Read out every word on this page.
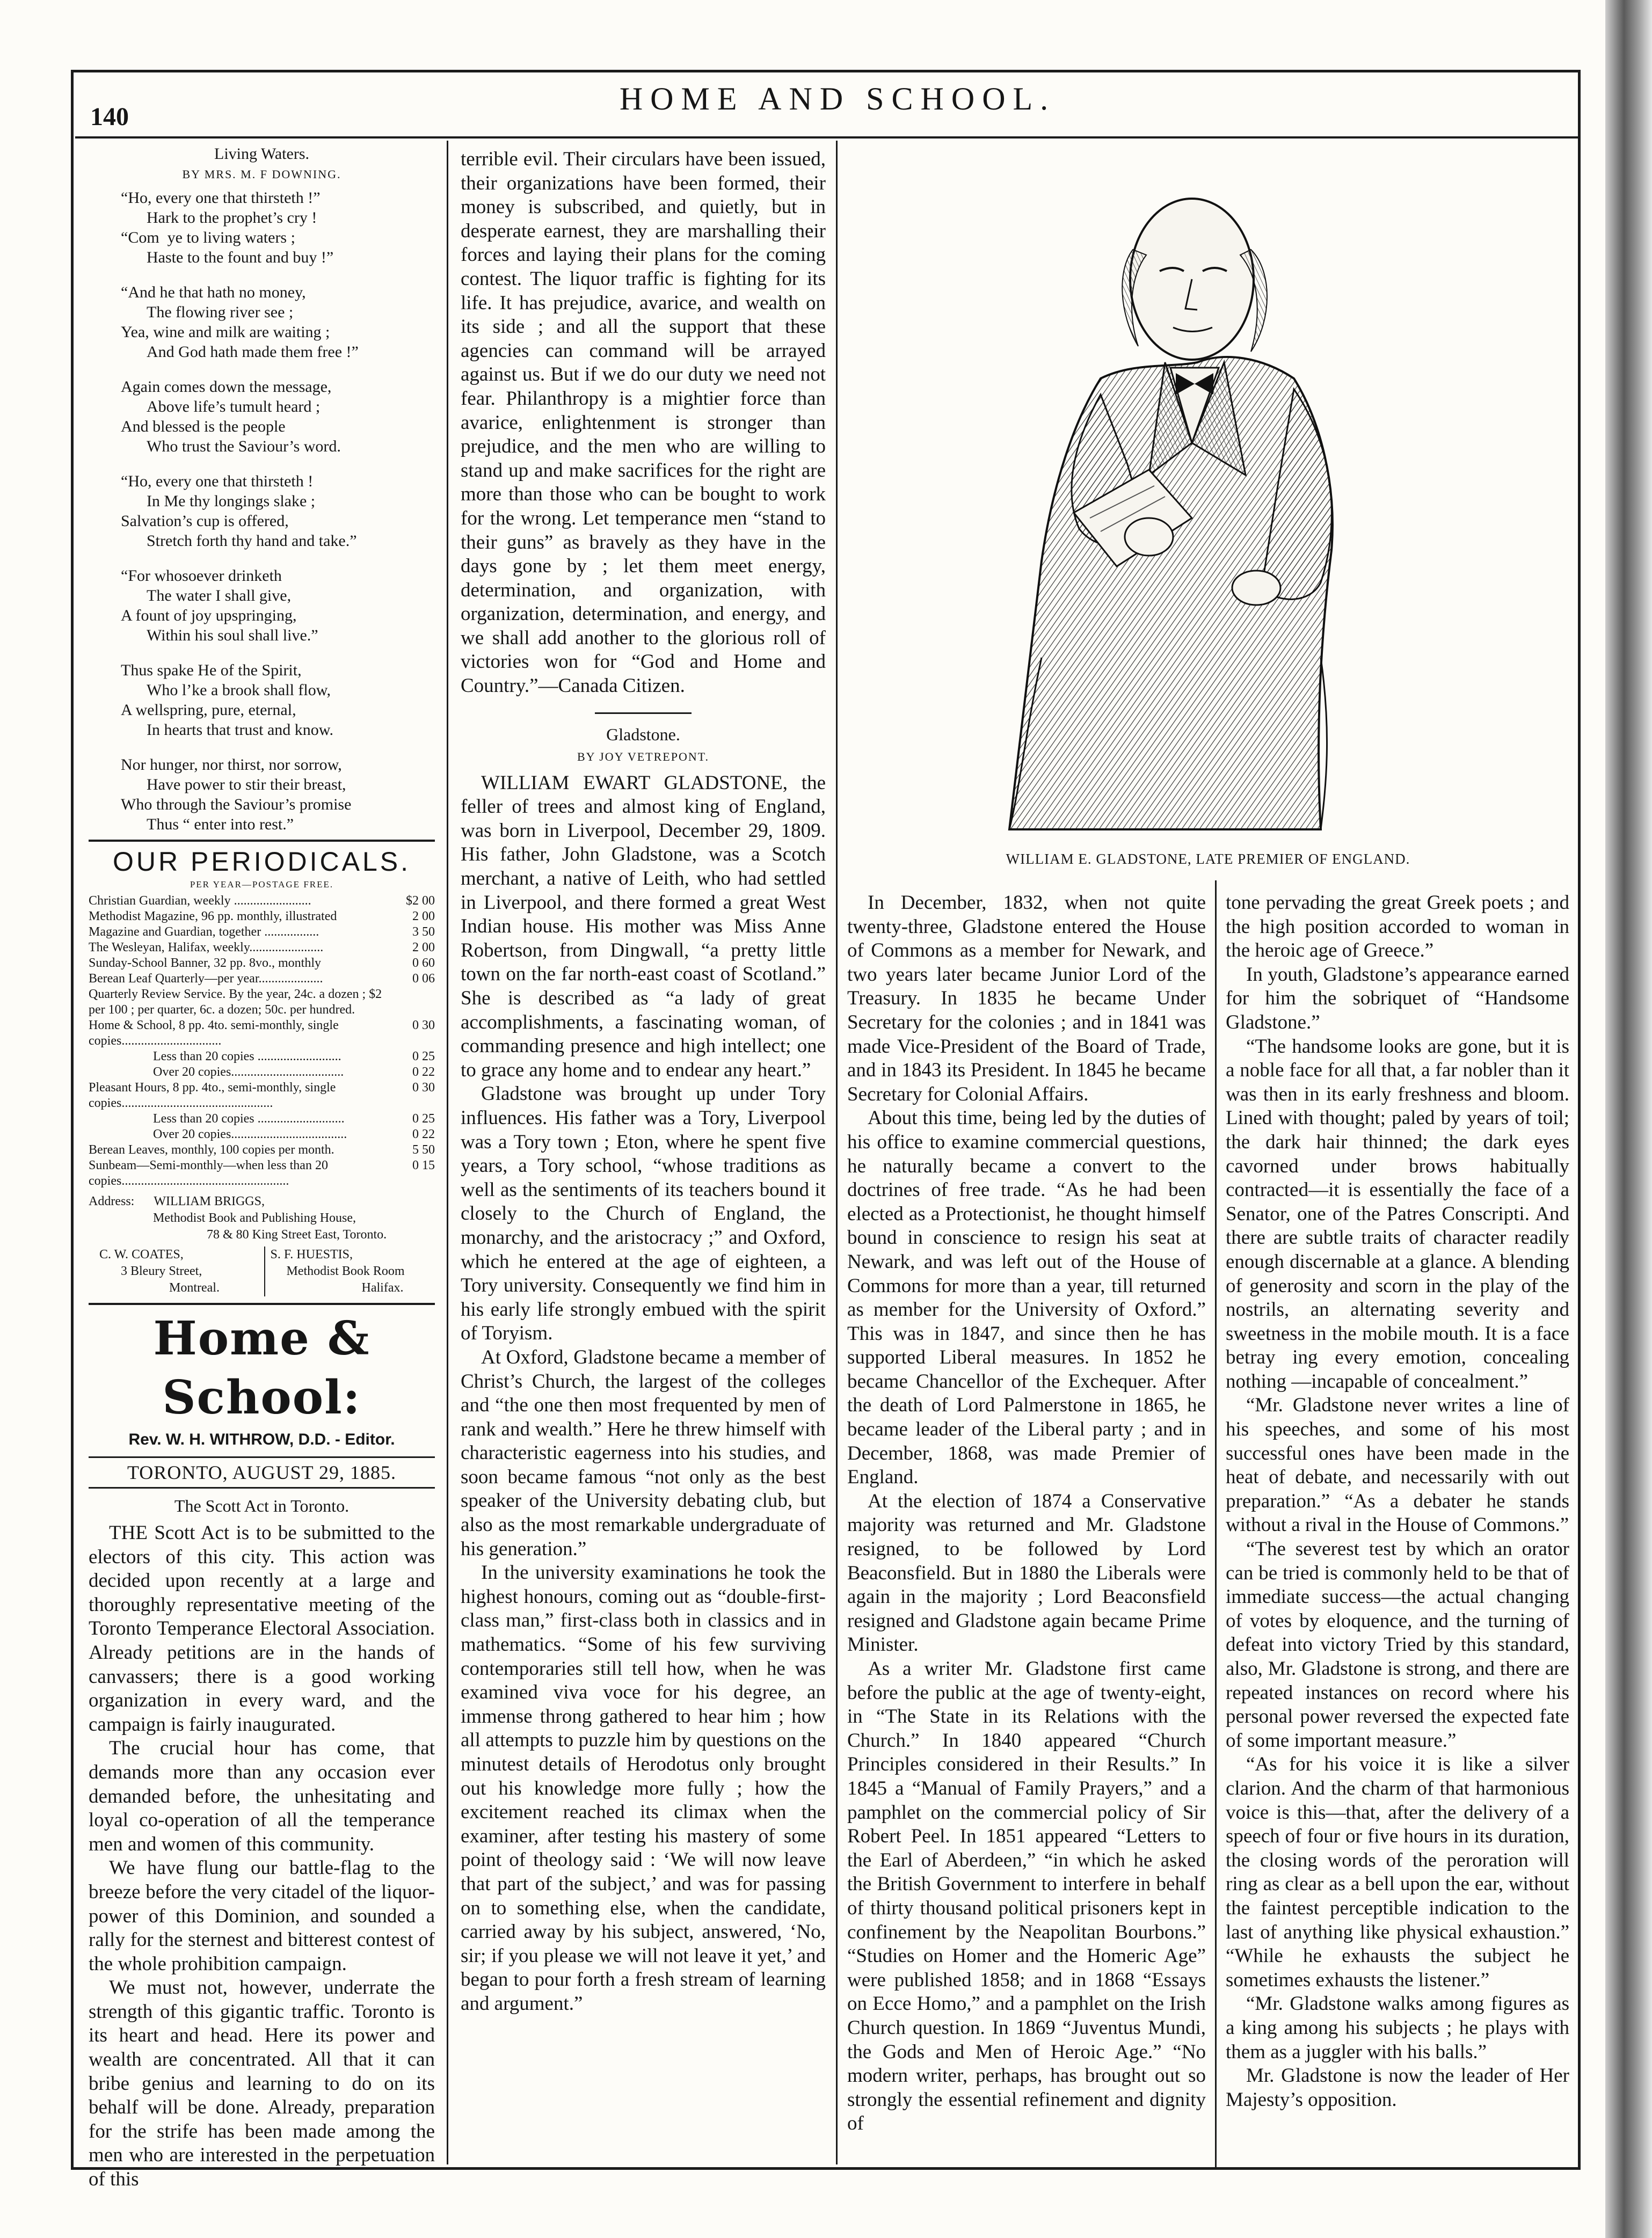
140
HOME AND SCHOOL.

Living Waters.

BY MRS. M. F DOWNING.

“Ho, every one that thirsteth !”
Hark to the prophet’s cry !
“Com  ye to living waters ;
Haste to the fount and buy !”
“And he that hath no money,
The flowing river see ;
Yea, wine and milk are waiting ;
And God hath made them free !”
Again comes down the message,
Above life’s tumult heard ;
And blessed is the people
Who trust the Saviour’s word.
“Ho, every one that thirsteth !
In Me thy longings slake ;
Salvation’s cup is offered,
Stretch forth thy hand and take.”
“For whosoever drinketh
The water I shall give,
A fount of joy upspringing,
Within his soul shall live.”
Thus spake He of the Spirit,
Who l’ke a brook shall flow,
A wellspring, pure, eternal,
In hearts that trust and know.
Nor hunger, nor thirst, nor sorrow,
Have power to stir their breast,
Who through the Saviour’s promise
Thus “ enter into rest.”

OUR PERIODICALS.

PER YEAR—POSTAGE FREE.

Christian Guardian, weekly ........................	$2 00
Methodist Magazine, 96 pp. monthly, illustrated	2 00
Magazine and Guardian, together .................	3 50
The Wesleyan, Halifax, weekly.......................	2 00
Sunday-School Banner, 32 pp. 8vo., monthly	0 60
Berean Leaf Quarterly—per year....................	0 06
Quarterly Review Service. By the year, 24c. a dozen ; $2 per 100 ; per quarter, 6c. a dozen; 50c. per hundred.	
Home & School, 8 pp. 4to. semi-monthly, single copies...............................	0 30
Less than 20 copies ..........................	0 25
Over 20 copies...................................	0 22
Pleasant Hours, 8 pp. 4to., semi-monthly, single copies...............................................	0 30
Less than 20 copies ...........................	0 25
Over 20 copies....................................	0 22
Berean Leaves, monthly, 100 copies per month.	5 50
Sunbeam—Semi-monthly—when less than 20 copies....................................................	0 15
Address: WILLIAM BRIGGS,
Methodist Book and Publishing House,
78 & 80 King Street East, Toronto.
C. W. COATES,
3 Bleury Street,
Montreal.
S. F. HUESTIS,
Methodist Book Room
Halifax.
Home & School:
Rev. W. H. WITHROW, D.D. - Editor.
TORONTO, AUGUST 29, 1885.

The Scott Act in Toronto.

THE Scott Act is to be submitted to the electors of this city. This action was decided upon recently at a large and thoroughly representative meeting of the Toronto Temperance Electoral Association. Already petitions are in the hands of canvassers; there is a good working organization in every ward, and the campaign is fairly inaugurated.

The crucial hour has come, that demands more than any occasion ever demanded before, the unhesitating and loyal co-operation of all the temperance men and women of this community.

We have flung our battle-flag to the breeze before the very citadel of the liquor-power of this Dominion, and sounded a rally for the sternest and bitterest contest of the whole prohibition campaign.

We must not, however, underrate the strength of this gigantic traffic. Toronto is its heart and head. Here its power and wealth are concentrated. All that it can bribe genius and learning to do on its behalf will be done. Already, preparation for the strife has been made among the men who are interested in the perpetuation of this

terrible evil. Their circulars have been issued, their organizations have been formed, their money is subscribed, and quietly, but in desperate earnest, they are marshalling their forces and laying their plans for the coming contest. The liquor traffic is fighting for its life. It has prejudice, avarice, and wealth on its side ; and all the support that these agencies can command will be arrayed against us. But if we do our duty we need not fear. Philanthropy is a mightier force than avarice, enlightenment is stronger than prejudice, and the men who are willing to stand up and make sacrifices for the right are more than those who can be bought to work for the wrong. Let temperance men “stand to their guns” as bravely as they have in the days gone by ; let them meet energy, determination, and organization, with organization, determination, and energy, and we shall add another to the glorious roll of victories won for “God and Home and Country.”—Canada Citizen.

Gladstone.

BY JOY VETREPONT.

WILLIAM EWART GLADSTONE, the feller of trees and almost king of England, was born in Liverpool, December 29, 1809. His father, John Gladstone, was a Scotch merchant, a native of Leith, who had settled in Liverpool, and there formed a great West Indian house. His mother was Miss Anne Robertson, from Dingwall, “a pretty little town on the far north-east coast of Scotland.” She is described as “a lady of great accomplishments, a fascinating woman, of commanding presence and high intellect; one to grace any home and to endear any heart.”

Gladstone was brought up under Tory influences. His father was a Tory, Liverpool was a Tory town ; Eton, where he spent five years, a Tory school, “whose traditions as well as the sentiments of its teachers bound it closely to the Church of England, the monarchy, and the aristocracy ;” and Oxford, which he entered at the age of eighteen, a Tory university. Consequently we find him in his early life strongly embued with the spirit of Toryism.

At Oxford, Gladstone became a member of Christ’s Church, the largest of the colleges and “the one then most frequented by men of rank and wealth.” Here he threw himself with characteristic eagerness into his studies, and soon became famous “not only as the best speaker of the University debating club, but also as the most remarkable undergraduate of his generation.”

In the university examinations he took the highest honours, coming out as “double-first-class man,” first-class both in classics and in mathematics. “Some of his few surviving contemporaries still tell how, when he was examined viva voce for his degree, an immense throng gathered to hear him ; how all attempts to puzzle him by questions on the minutest details of Herodotus only brought out his knowledge more fully ; how the excitement reached its climax when the examiner, after testing his mastery of some point of theology said : ‘We will now leave that part of the subject,’ and was for passing on to something else, when the candidate, carried away by his subject, answered, ‘No, sir; if you please we will not leave it yet,’ and began to pour forth a fresh stream of learning and argument.”

WILLIAM E. GLADSTONE, LATE PREMIER OF ENGLAND.

In December, 1832, when not quite twenty-three, Gladstone entered the House of Commons as a member for Newark, and two years later became Junior Lord of the Treasury. In 1835 he became Under Secretary for the colonies ; and in 1841 was made Vice-President of the Board of Trade, and in 1843 its President. In 1845 he became Secretary for Colonial Affairs.

About this time, being led by the duties of his office to examine commercial questions, he naturally became a convert to the doctrines of free trade. “As he had been elected as a Protectionist, he thought himself bound in conscience to resign his seat at Newark, and was left out of the House of Commons for more than a year, till returned as member for the University of Oxford.” This was in 1847, and since then he has supported Liberal measures. In 1852 he became Chancellor of the Exchequer. After the death of Lord Palmerstone in 1865, he became leader of the Liberal party ; and in December, 1868, was made Premier of England.

At the election of 1874 a Conservative majority was returned and Mr. Gladstone resigned, to be followed by Lord Beaconsfield. But in 1880 the Liberals were again in the majority ; Lord Beaconsfield resigned and Gladstone again became Prime Minister.

As a writer Mr. Gladstone first came before the public at the age of twenty-eight, in “The State in its Relations with the Church.” In 1840 appeared “Church Principles considered in their Results.” In 1845 a “Manual of Family Prayers,” and a pamphlet on the commercial policy of Sir Robert Peel. In 1851 appeared “Letters to the Earl of Aberdeen,” “in which he asked the British Government to interfere in behalf of thirty thousand political prisoners kept in confinement by the Neapolitan Bourbons.” “Studies on Homer and the Homeric Age” were published 1858; and in 1868 “Essays on Ecce Homo,” and a pamphlet on the Irish Church question. In 1869 “Juventus Mundi, the Gods and Men of Heroic Age.” “No modern writer, perhaps, has brought out so strongly the essential refinement and dignity of

tone pervading the great Greek poets ; and the high position accorded to woman in the heroic age of Greece.”

In youth, Gladstone’s appearance earned for him the sobriquet of “Handsome Gladstone.”

“The handsome looks are gone, but it is a noble face for all that, a far nobler than it was then in its early freshness and bloom. Lined with thought; paled by years of toil; the dark hair thinned; the dark eyes cavorned under brows habitually contracted—it is essentially the face of a Senator, one of the Patres Conscripti. And there are subtle traits of character readily enough discernable at a glance. A blending of generosity and scorn in the play of the nostrils, an alternating severity and sweetness in the mobile mouth. It is a face betray ing every emotion, concealing nothing —incapable of concealment.”

“Mr. Gladstone never writes a line of his speeches, and some of his most successful ones have been made in the heat of debate, and necessarily with out preparation.” “As a debater he stands without a rival in the House of Commons.”

“The severest test by which an orator can be tried is commonly held to be that of immediate success—the actual changing of votes by eloquence, and the turning of defeat into victory Tried by this standard, also, Mr. Gladstone is strong, and there are repeated instances on record where his personal power reversed the expected fate of some important measure.”

“As for his voice it is like a silver clarion. And the charm of that harmonious voice is this—that, after the delivery of a speech of four or five hours in its duration, the closing words of the peroration will ring as clear as a bell upon the ear, without the faintest perceptible indication to the last of anything like physical exhaustion.” “While he exhausts the subject he sometimes exhausts the listener.”

“Mr. Gladstone walks among figures as a king among his subjects ; he plays with them as a juggler with his balls.”

Mr. Gladstone is now the leader of Her Majesty’s opposition.
